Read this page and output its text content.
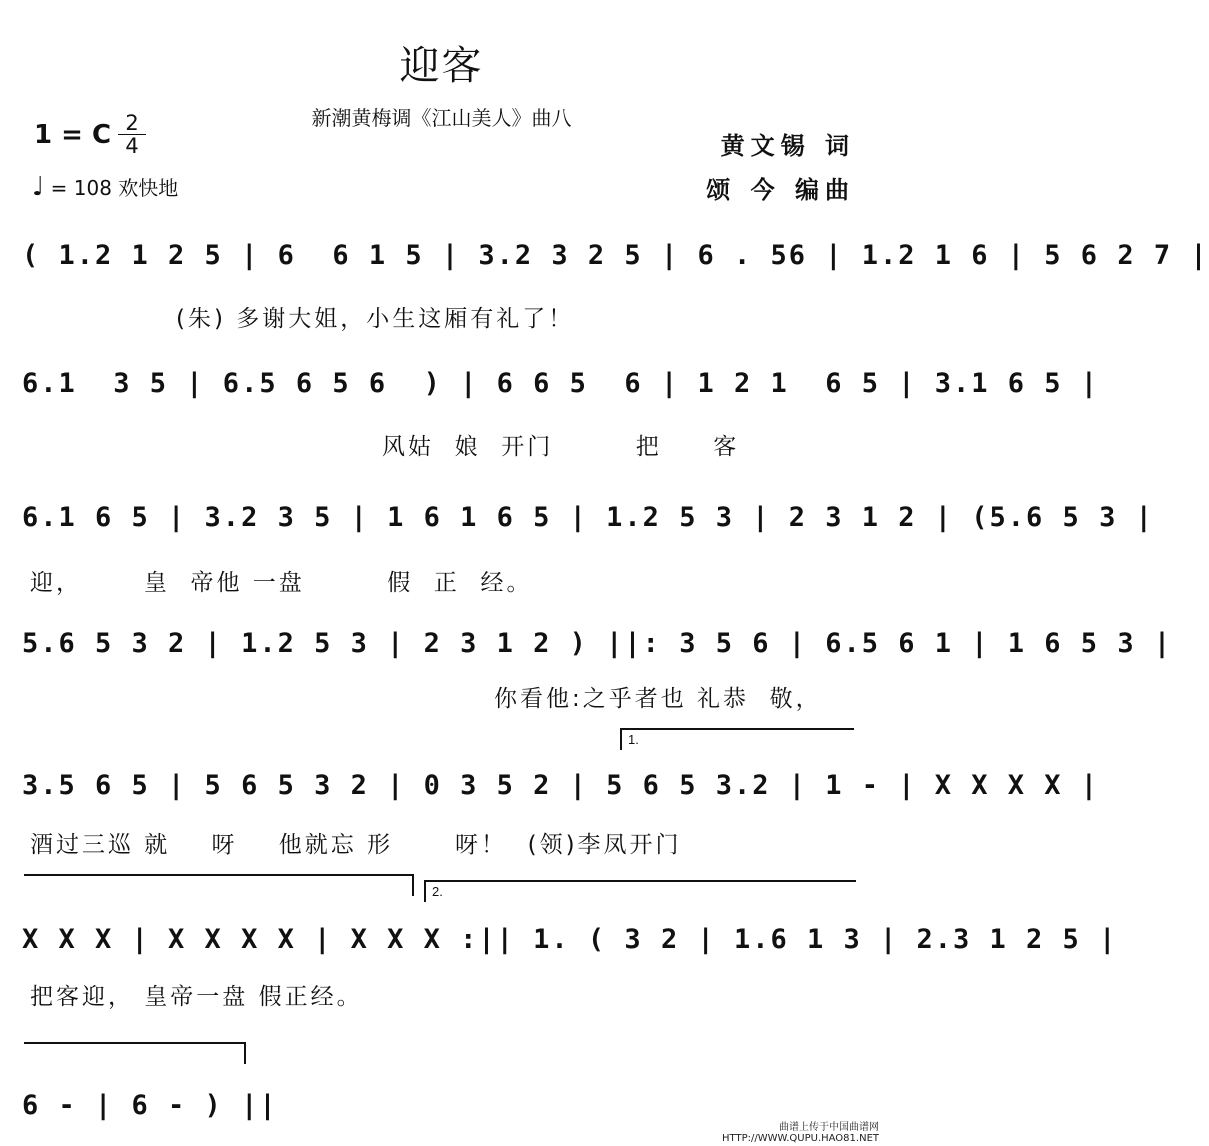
迎客
新潮黄梅调《江山美人》曲八
1 = C 2
4
♩ = 108 欢快地
黄文锡 词
颂 今 编曲
( 1.2 1 2 5 | 6  6 1 5 | 3.2 3 2 5 | 6 . 56 | 1.2 1 6 | 5 6 2 7 |
(朱) 多谢大姐，小生这厢有礼了！
6.1  3 5 | 6.5 6 5 6  ) | 6 6 5  6 | 1 2 1  6 5 | 3.1 6 5 |
风姑  娘  开门        把     客
6.1 6 5 | 3.2 3 5 | 1 6 1 6 5 | 1.2 5 3 | 2 3 1 2 | (5.6 5 3 |
迎，      皇  帝他 一盘        假  正  经。
5.6 5 3 2 | 1.2 5 3 | 2 3 1 2 ) ||: 3 5 6 | 6.5 6 1 | 1 6 5 3 |
你看他:之乎者也 礼恭  敬，
1.
3.5 6 5 | 5 6 5 3 2 | 0 3 5 2 | 5 6 5 3.2 | 1 - | X X X X |
酒过三巡 就    呀    他就忘 形      呀！  (领)李凤开门
2.
X X X | X X X X | X X X :|| 1. ( 3 2 | 1.6 1 3 | 2.3 1 2 5 |
把客迎， 皇帝一盘 假正经。
6 - | 6 - ) ||
曲谱上传于中国曲谱网
HTTP://WWW.QUPU.HAO81.NET
